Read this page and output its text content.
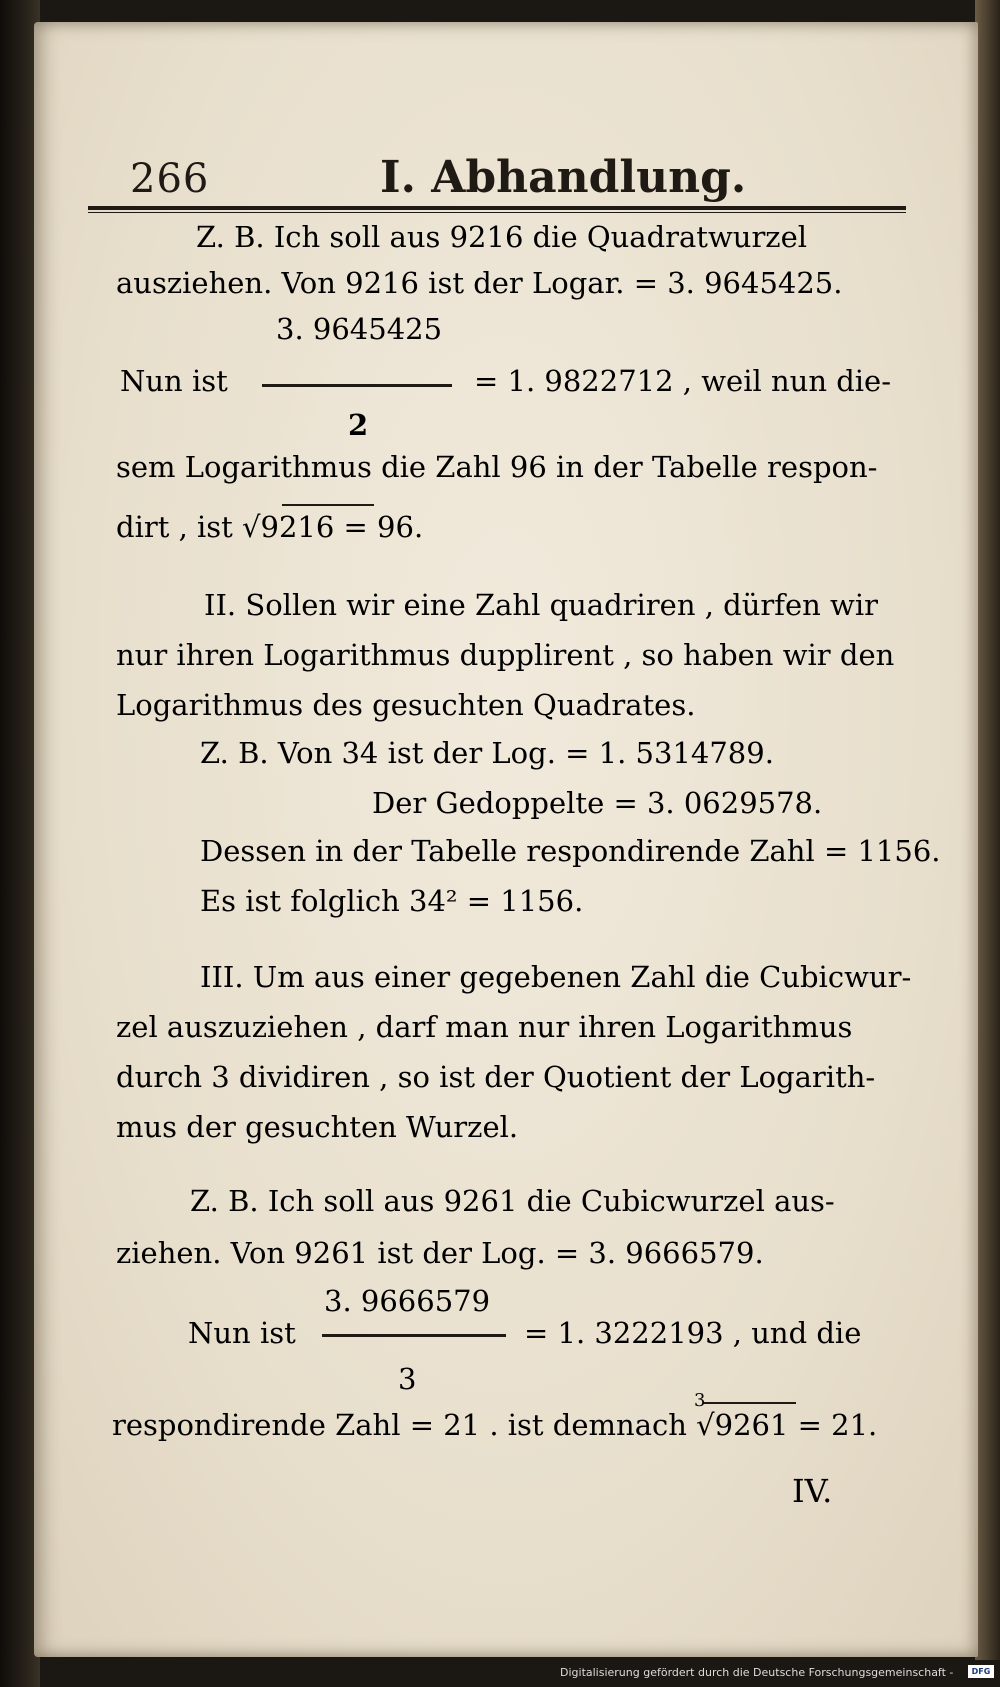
266	I. Abhandlung.
Z. B. Ich soll aus 9216 die Quadratwurzel
ausziehen. Von 9216 ist der Logar. = 3. 9645425.
3. 9645425
Nun ist	= 1. 9822712 , weil nun die-
2
sem Logarithmus die Zahl 96 in der Tabelle respon-
dirt , ist √9216 = 96.
II. Sollen wir eine Zahl quadriren , dürfen wir
nur ihren Logarithmus dupplirent , so haben wir den
Logarithmus des gesuchten Quadrates.
Z. B. Von 34 ist der Log. = 1. 5314789.
Der Gedoppelte = 3. 0629578.
Dessen in der Tabelle respondirende Zahl = 1156.
Es ist folglich 34² = 1156.
III. Um aus einer gegebenen Zahl die Cubicwur-
zel auszuziehen , darf man nur ihren Logarithmus
durch 3 dividiren , so ist der Quotient der Logarith-
mus der gesuchten Wurzel.
Z. B. Ich soll aus 9261 die Cubicwurzel aus-
ziehen. Von 9261 ist der Log. = 3. 9666579.
3. 9666579
Nun ist	= 1. 3222193 , und die
3
3
respondirende Zahl = 21 . ist demnach √9261 = 21.
IV.
Digitalisierung gefördert durch die Deutsche Forschungsgemeinschaft -	DFG
